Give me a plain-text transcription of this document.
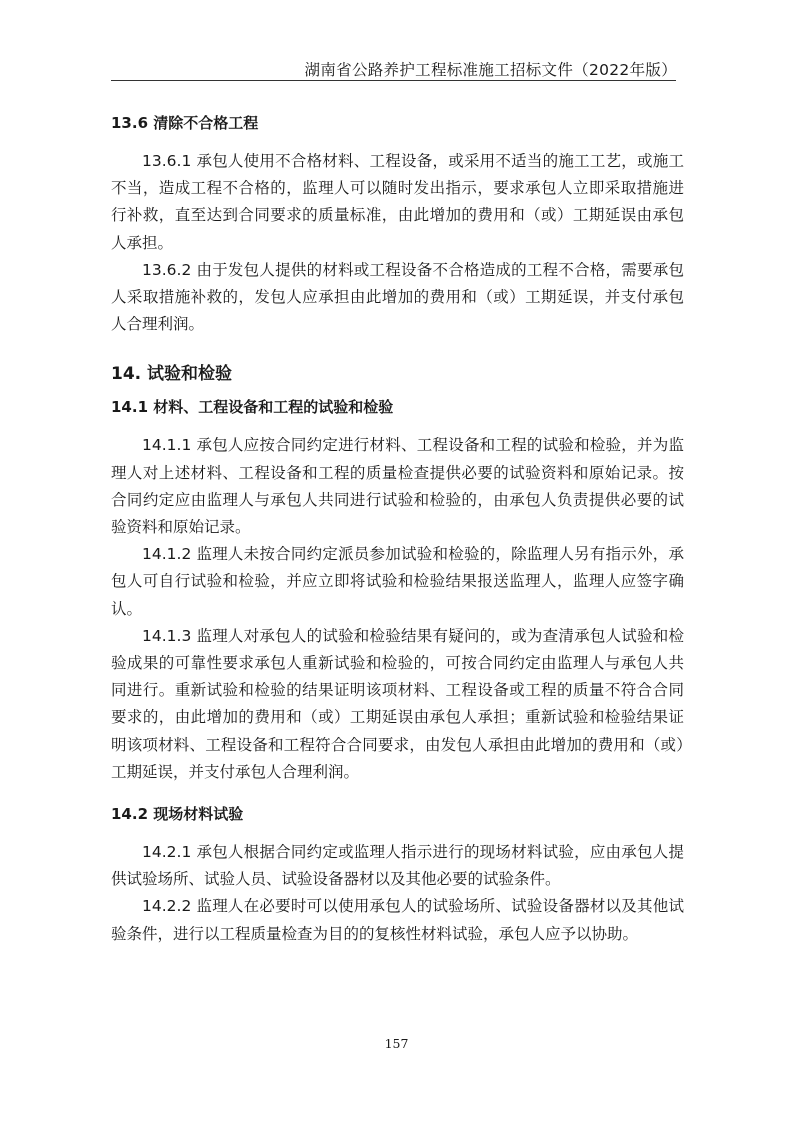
湖南省公路养护工程标准施工招标文件（2022年版）
13.6 清除不合格工程

13.6.1 承包人使用不合格材料、工程设备，或采用不适当的施工工艺，或施工不当，造成工程不合格的，监理人可以随时发出指示，要求承包人立即采取措施进行补救，直至达到合同要求的质量标准，由此增加的费用和（或）工期延误由承包人承担。

13.6.2 由于发包人提供的材料或工程设备不合格造成的工程不合格，需要承包人采取措施补救的，发包人应承担由此增加的费用和（或）工期延误，并支付承包人合理利润。

14. 试验和检验
14.1 材料、工程设备和工程的试验和检验

14.1.1 承包人应按合同约定进行材料、工程设备和工程的试验和检验，并为监理人对上述材料、工程设备和工程的质量检查提供必要的试验资料和原始记录。按合同约定应由监理人与承包人共同进行试验和检验的，由承包人负责提供必要的试验资料和原始记录。

14.1.2 监理人未按合同约定派员参加试验和检验的，除监理人另有指示外，承包人可自行试验和检验，并应立即将试验和检验结果报送监理人，监理人应签字确认。

14.1.3 监理人对承包人的试验和检验结果有疑问的，或为查清承包人试验和检验成果的可靠性要求承包人重新试验和检验的，可按合同约定由监理人与承包人共同进行。重新试验和检验的结果证明该项材料、工程设备或工程的质量不符合合同要求的，由此增加的费用和（或）工期延误由承包人承担；重新试验和检验结果证明该项材料、工程设备和工程符合合同要求，由发包人承担由此增加的费用和（或）工期延误，并支付承包人合理利润。

14.2 现场材料试验

14.2.1 承包人根据合同约定或监理人指示进行的现场材料试验，应由承包人提供试验场所、试验人员、试验设备器材以及其他必要的试验条件。

14.2.2 监理人在必要时可以使用承包人的试验场所、试验设备器材以及其他试验条件，进行以工程质量检查为目的的复核性材料试验，承包人应予以协助。

157
